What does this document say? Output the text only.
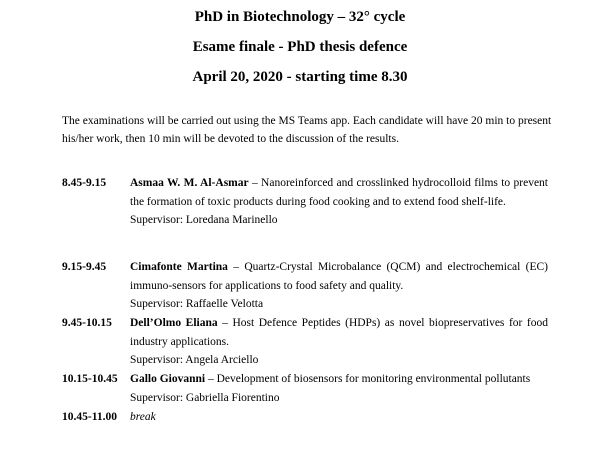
PhD in Biotechnology – 32° cycle
Esame finale - PhD thesis defence
April 20, 2020 - starting time 8.30
The examinations will be carried out using the MS Teams app. Each candidate will have 20 min to present his/her work, then 10 min will be devoted to the discussion of the results.
8.45-9.15 Asmaa W. M. Al-Asmar – Nanoreinforced and crosslinked hydrocolloid films to prevent the formation of toxic products during food cooking and to extend food shelf-life.
Supervisor: Loredana Marinello
9.15-9.45 Cimafonte Martina – Quartz-Crystal Microbalance (QCM) and electrochemical (EC) immuno-sensors for applications to food safety and quality.
Supervisor: Raffaelle Velotta
9.45-10.15 Dell’Olmo Eliana – Host Defence Peptides (HDPs) as novel biopreservatives for food industry applications.
Supervisor: Angela Arciello
10.15-10.45 Gallo Giovanni – Development of biosensors for monitoring environmental pollutants
Supervisor: Gabriella Fiorentino
10.45-11.00 break
